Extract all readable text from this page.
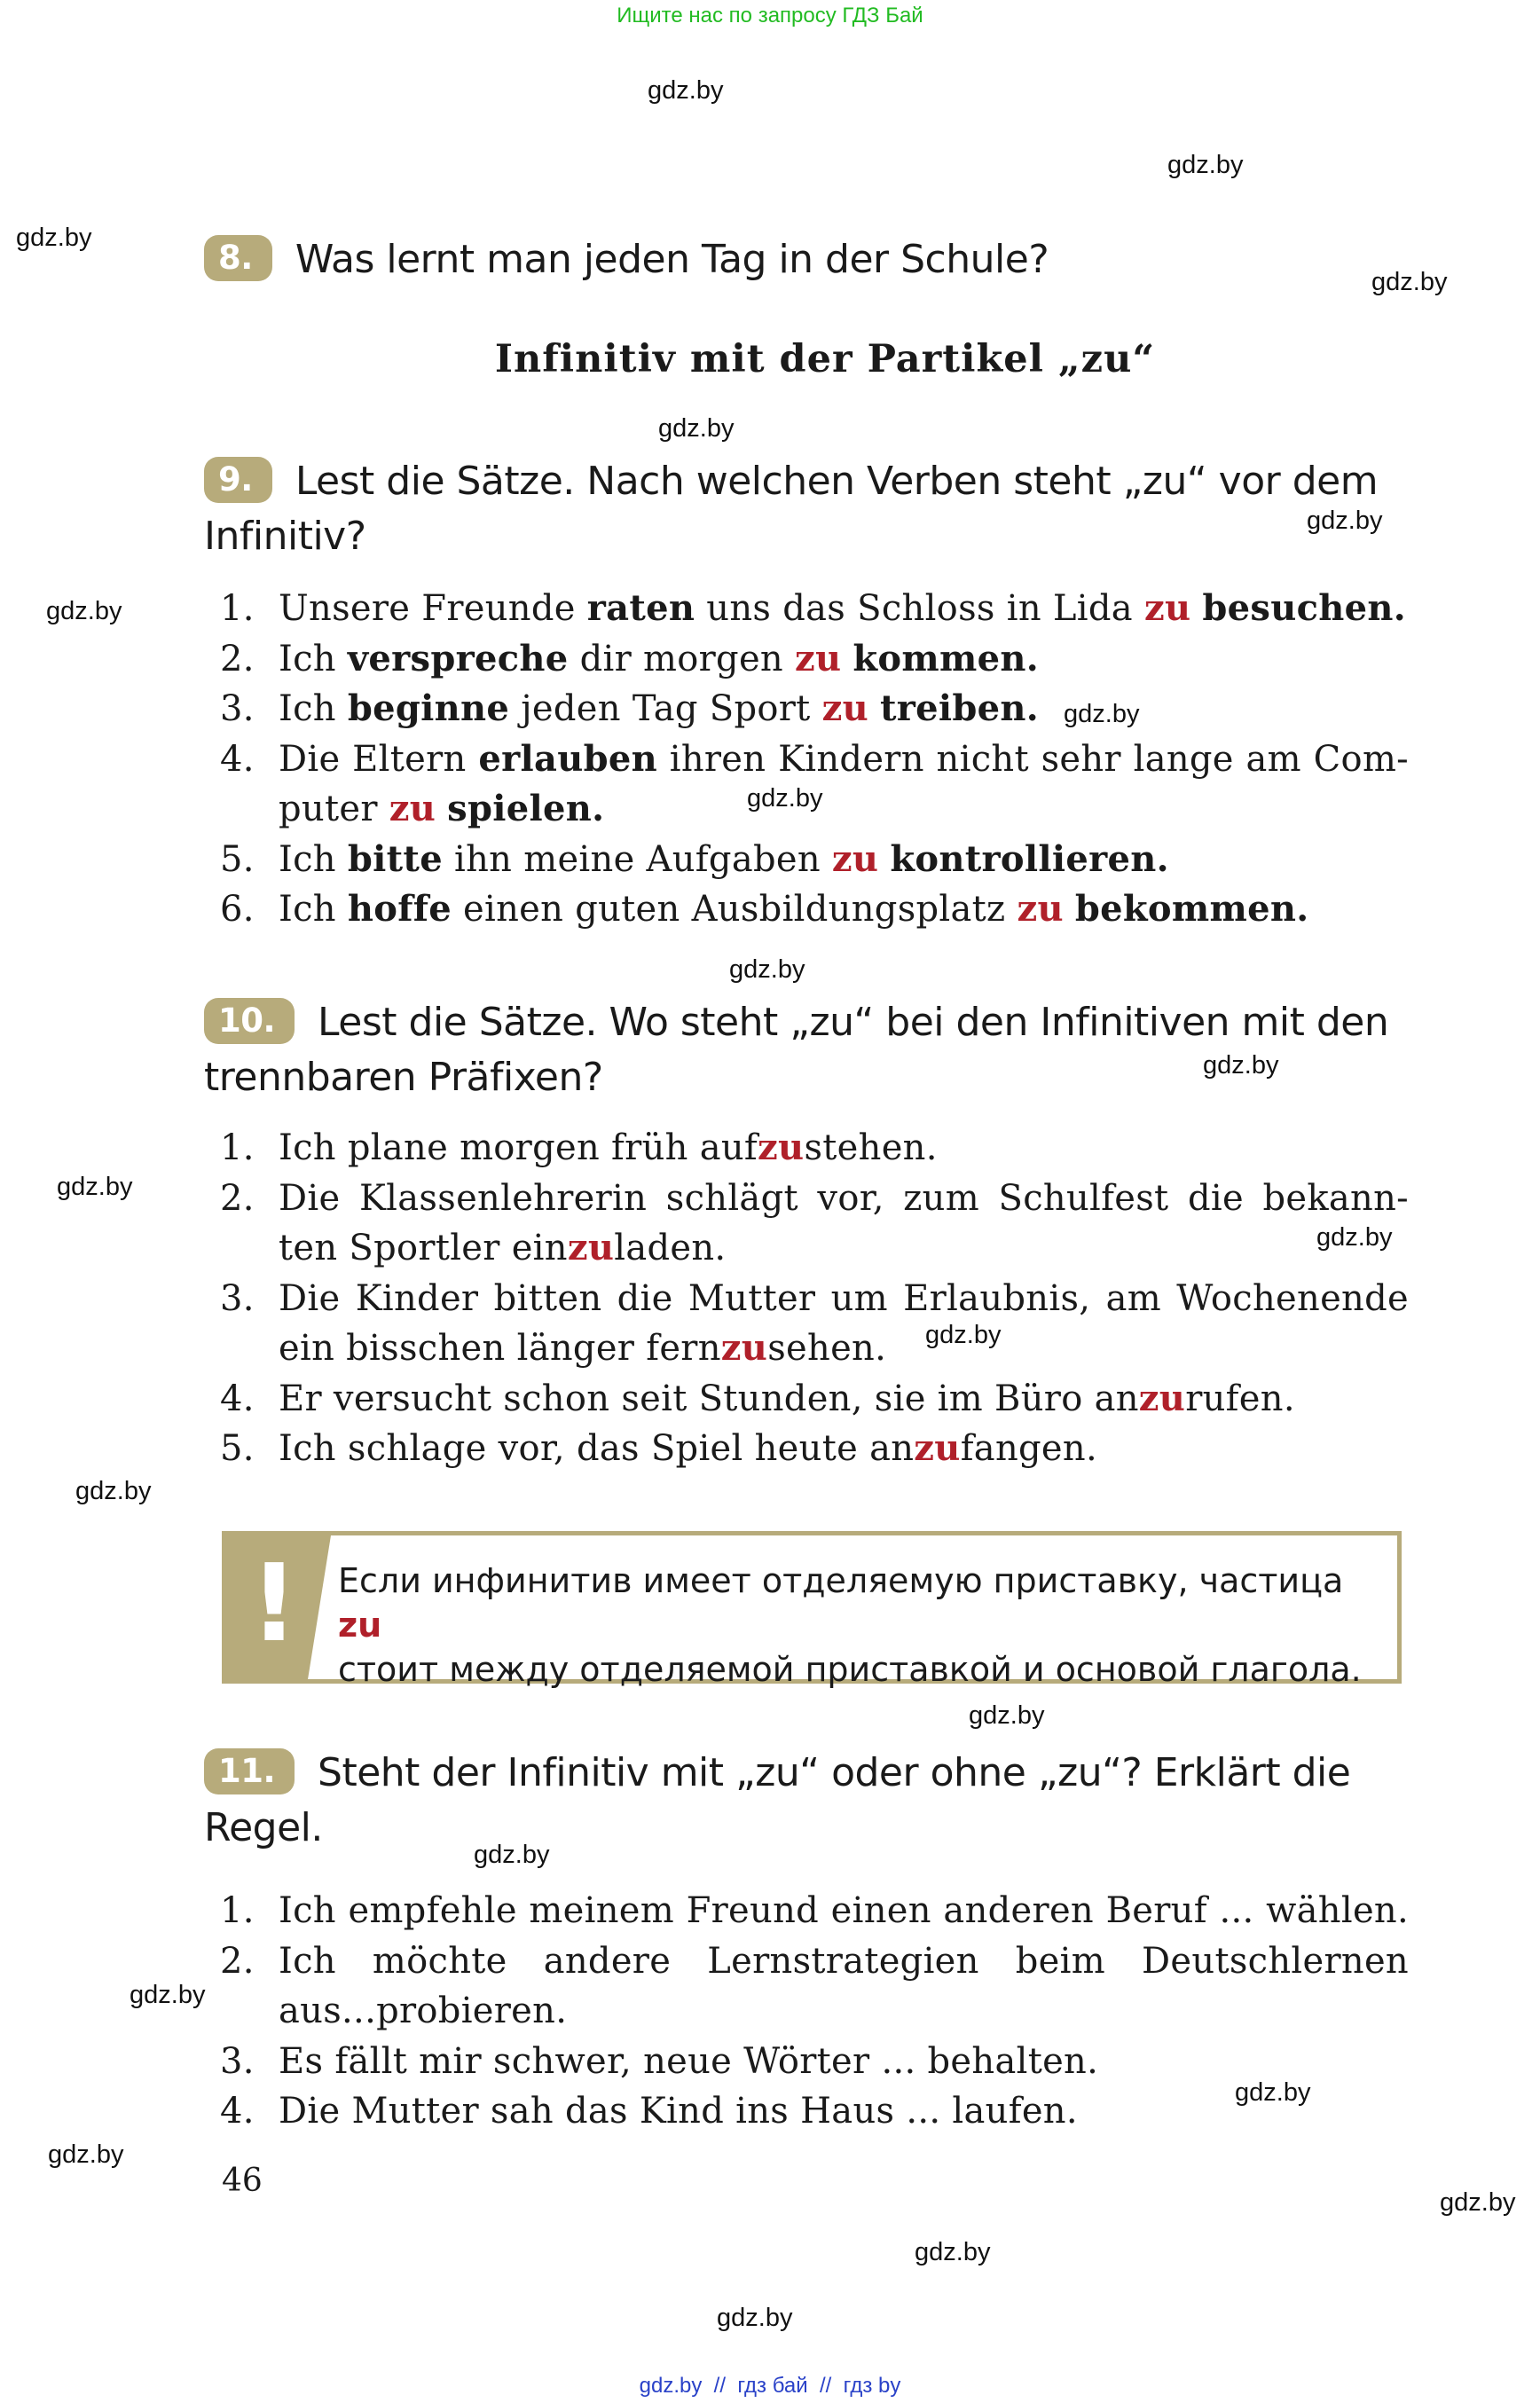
Ищите нас по запросу ГДЗ Бай
gdz.by
gdz.by
gdz.by
gdz.by
gdz.by
gdz.by
gdz.by
gdz.by
gdz.by
gdz.by
gdz.by
gdz.by
gdz.by
gdz.by
gdz.by
gdz.by
gdz.by
gdz.by
gdz.by
gdz.by
gdz.by
gdz.by
gdz.by
8. Was lernt man jeden Tag in der Schule?
Infinitiv mit der Partikel „zu“
9. Lest die Sätze. Nach welchen Verben steht „zu“ vor dem Infinitiv?
1. Unsere Freunde raten uns das Schloss in Lida zu besuchen.
2. Ich verspreche dir morgen zu kommen.
3. Ich beginne jeden Tag Sport zu treiben.
4. Die Eltern erlauben ihren Kindern nicht sehr lange am Com-
puter zu spielen.
5. Ich bitte ihn meine Aufgaben zu kontrollieren.
6. Ich hoffe einen guten Ausbildungsplatz zu bekommen.
10. Lest die Sätze. Wo steht „zu“ bei den Infinitiven mit den trennbaren Präfixen?
1. Ich plane morgen früh aufzustehen.
2. Die Klassenlehrerin schlägt vor, zum Schulfest die bekann-
ten Sportler einzuladen.
3. Die Kinder bitten die Mutter um Erlaubnis, am Wochenende
ein bisschen länger fernzusehen.
4. Er versucht schon seit Stunden, sie im Büro anzurufen.
5. Ich schlage vor, das Spiel heute anzufangen.
!	Если инфинитив имеет отделяемую приставку, частица zu
стоит между отделяемой приставкой и основой глагола.
11. Steht der Infinitiv mit „zu“ oder ohne „zu“? Erklärt die Regel.
1. Ich empfehle meinem Freund einen anderen Beruf ... wählen.
2. Ich möchte andere Lernstrategien beim Deutschlernen
aus...probieren.
3. Es fällt mir schwer, neue Wörter ... behalten.
4. Die Mutter sah das Kind ins Haus ... laufen.
46
gdz.by  //  гдз бай  //  гдз by
